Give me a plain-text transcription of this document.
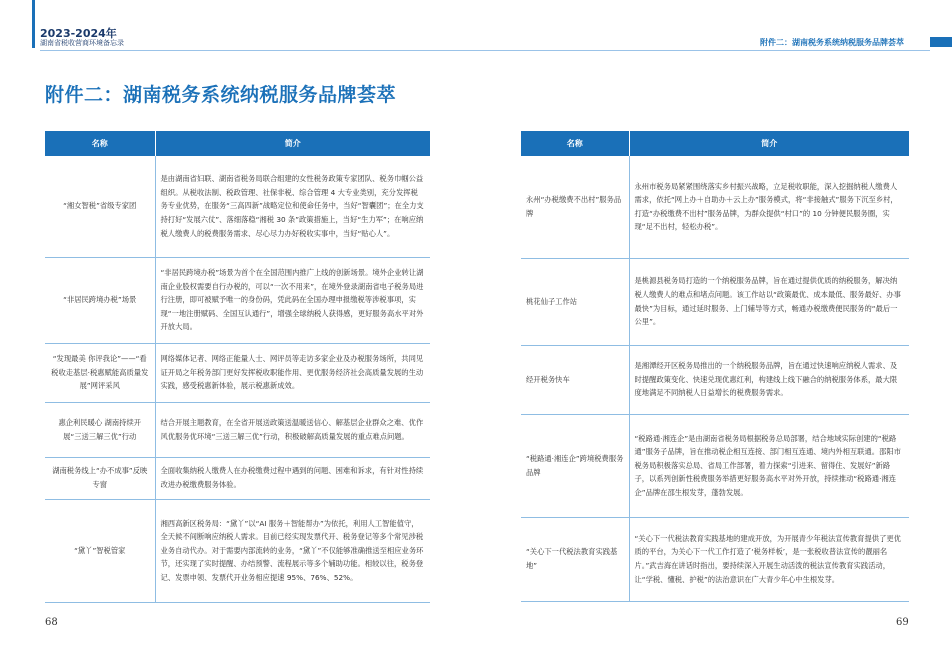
2023-2024年
湖南省税收营商环境备忘录	附件二：湖南税务系统纳税服务品牌荟萃
附件二：湖南税务系统纳税服务品牌荟萃
名称	简介
“湘女智税”省级专家团	是由湖南省妇联、湖南省税务局联合组建的女性税务政策专家团队、税务巾帼公益组织。从税收法制、税政管理、社保非税、综合管理 4 大专业类别，充分发挥税务专业优势，在服务“三高四新”战略定位和使命任务中，当好“智囊团”；在全力支持打好“发展六仗”、落细落稳“湘税 30 条”政策措施上，当好“生力军”；在响应纳税人缴费人的税费服务需求、尽心尽力办好税收实事中，当好“贴心人”。
“非居民跨境办税”场景	“非居民跨境办税”场景为首个在全国范围内推广上线的创新场景。境外企业转让湖南企业股权需要自行办税的，可以“一次不用来”，在境外登录湖南省电子税务局进行注册，即可被赋予唯一的身份码，凭此码在全国办理申报缴税等涉税事项，实现“一地注册赋码、全国互认通行”，增强全球纳税人获得感，更好服务高水平对外开放大局。
“发现最美 你评我论”——“看税收走基层·税惠赋能高质量发展”网评采风	网络媒体记者、网络正能量人士、网评员等走访多家企业及办税服务场所，共同见证开局之年税务部门更好发挥税收职能作用、更优服务经济社会高质量发展的生动实践，感受税惠新体验，展示税惠新成效。
惠企利民暖心 湖南持续开展“三送三解三优”行动	结合开展主题教育，在全省开展送政策送温暖送信心、解基层企业群众之难、优作风优服务优环境“三送三解三优”行动，积极破解高质量发展的重点难点问题。
湖南税务线上“办不成事”反映专窗	全面收集纳税人缴费人在办税缴费过程中遇到的问题、困难和诉求，有针对性持续改进办税缴费服务体验。
“黛丫”智税管家	湘西高新区税务局：“黛丫”以“AI 服务＋智能帮办”为依托，利用人工智能值守，全天候不间断响应纳税人需求。目前已经实现发票代开、税务登记等多个常见涉税业务自动代办。对于需要内部流转的业务，“黛丫”不仅能够准确推送至相应业务环节，还实现了实时提醒、办结预警、流程展示等多个辅助功能。相较以往，税务登记、发票申领、发票代开业务相应提速 95%、76%、52%。
名称	简介
永州“办税缴费不出村”服务品牌	永州市税务局紧紧围绕落实乡村振兴战略，立足税收职能，深入挖掘纳税人缴费人需求，依托“网上办＋自助办＋云上办”服务模式，将“非接触式”服务下沉至乡村，打造“办税缴费不出村”服务品牌，为群众提供“村口”的 10 分钟便民服务圈，实现“足不出村，轻松办税”。
桃花仙子工作站	是桃源县税务局打造的一个纳税服务品牌，旨在通过提供优质的纳税服务，解决纳税人缴费人的难点和堵点问题。该工作站以“政策最优、成本最低、服务最好、办事最快”为目标，通过延时服务、上门辅导等方式，畅通办税缴费便民服务的“最后一公里”。
经开税务快车	是湘潭经开区税务局推出的一个纳税服务品牌，旨在通过快速响应纳税人需求、及时提醒政策变化、快速兑现优惠红利，构建线上线下融合的纳税服务体系，最大限度地满足不同纳税人日益增长的税费服务需求。
“税路通·湘连企”跨境税费服务品牌	“税路通·湘连企”是由湖南省税务局根据税务总局部署，结合地域实际创建的“税路通”服务子品牌，旨在推动税企相互连接、部门相互连通、境内外相互联通。邵阳市税务局积极落实总局、省局工作部署，着力探索“引进来、留得住、发展好”新路子，以系列创新性税费服务举措更好服务高水平对外开放，持续推动“税路通·湘连企”品牌在邵生根发芽，蓬勃发展。
“关心下一代税法教育实践基地”	“关心下一代税法教育实践基地的建成开放，为开展青少年税法宣传教育提供了更优质的平台，为关心下一代工作打造了‘税务样板’，是一张税收普法宣传的靓丽名片。”武吉海在讲话时指出，要持续深入开展生动活泼的税法宣传教育实践活动，让“学税、懂税、护税”的法治意识在广大青少年心中生根发芽。
68	69
